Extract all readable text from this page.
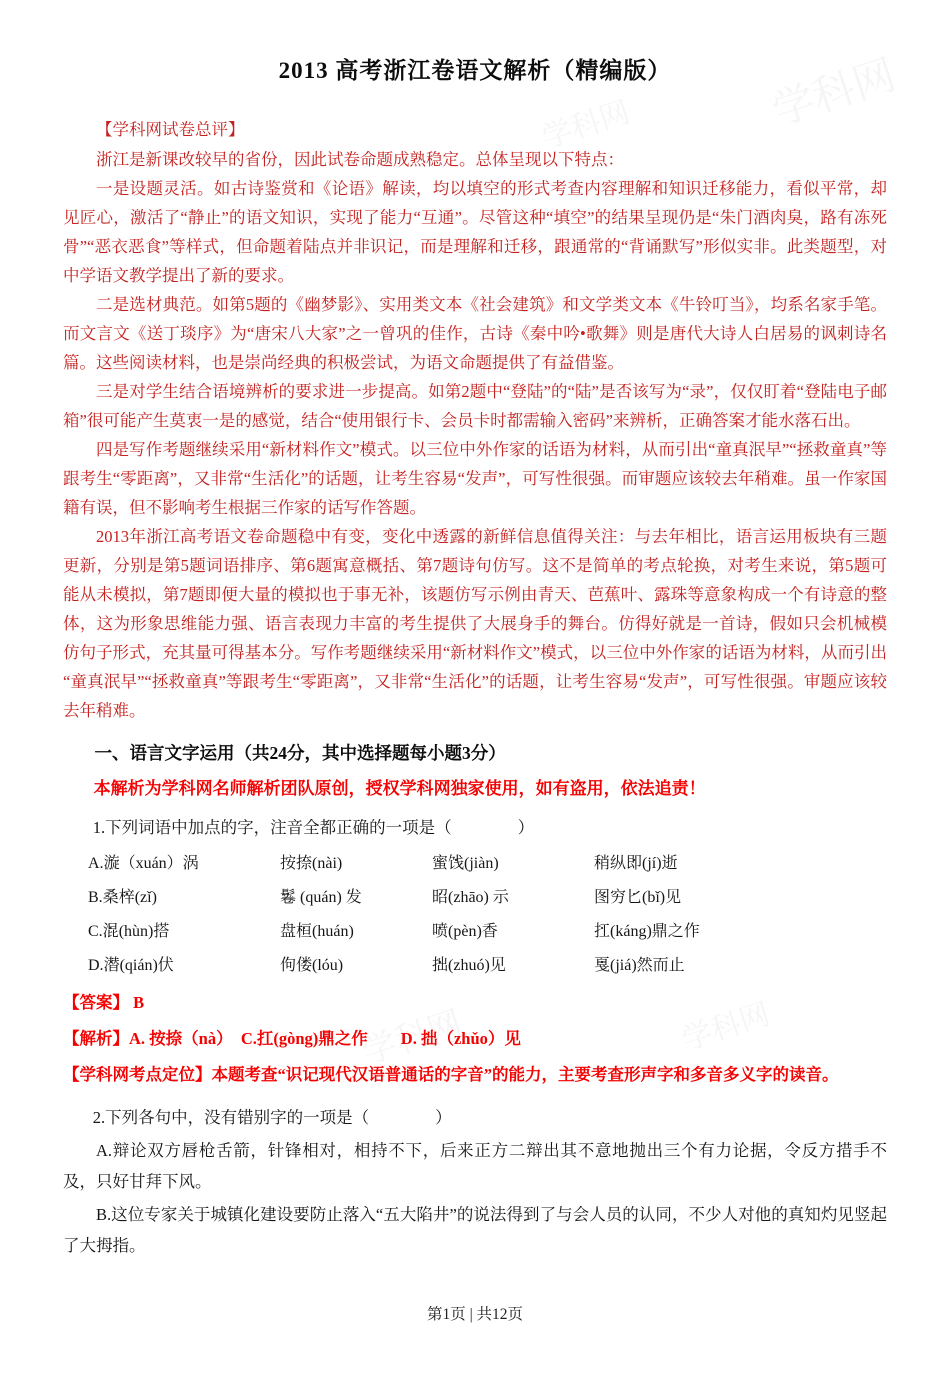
学科网
学科网
学科网	学科网
2013 高考浙江卷语文解析（精编版）

【学科网试卷总评】

浙江是新课改较早的省份，因此试卷命题成熟稳定。总体呈现以下特点：

一是设题灵活。如古诗鉴赏和《论语》解读，均以填空的形式考查内容理解和知识迁移能力，看似平常，却见匠心，激活了“静止”的语文知识，实现了能力“互通”。尽管这种“填空”的结果呈现仍是“朱门酒肉臭，路有冻死骨”“恶衣恶食”等样式，但命题着陆点并非识记，而是理解和迁移，跟通常的“背诵默写”形似实非。此类题型，对中学语文教学提出了新的要求。

二是选材典范。如第5题的《幽梦影》、实用类文本《社会建筑》和文学类文本《牛铃叮当》，均系名家手笔。而文言文《送丁琰序》为“唐宋八大家”之一曾巩的佳作，古诗《秦中吟•歌舞》则是唐代大诗人白居易的讽刺诗名篇。这些阅读材料，也是崇尚经典的积极尝试，为语文命题提供了有益借鉴。

三是对学生结合语境辨析的要求进一步提高。如第2题中“登陆”的“陆”是否该写为“录”，仅仅盯着“登陆电子邮箱”很可能产生莫衷一是的感觉，结合“使用银行卡、会员卡时都需输入密码”来辨析，正确答案才能水落石出。

四是写作考题继续采用“新材料作文”模式。以三位中外作家的话语为材料，从而引出“童真泯早”“拯救童真”等跟考生“零距离”，又非常“生活化”的话题，让考生容易“发声”，可写性很强。而审题应该较去年稍难。虽一作家国籍有误，但不影响考生根据三作家的话写作答题。

2013年浙江高考语文卷命题稳中有变，变化中透露的新鲜信息值得关注：与去年相比，语言运用板块有三题更新，分别是第5题词语排序、第6题寓意概括、第7题诗句仿写。这不是简单的考点轮换，对考生来说，第5题可能从未模拟，第7题即便大量的模拟也于事无补，该题仿写示例由青天、芭蕉叶、露珠等意象构成一个有诗意的整体，这为形象思维能力强、语言表现力丰富的考生提供了大展身手的舞台。仿得好就是一首诗，假如只会机械模仿句子形式，充其量可得基本分。写作考题继续采用“新材料作文”模式，以三位中外作家的话语为材料，从而引出“童真泯早”“拯救童真”等跟考生“零距离”，又非常“生活化”的话题，让考生容易“发声”，可写性很强。审题应该较去年稍难。

一、语言文字运用（共24分，其中选择题每小题3分）

本解析为学科网名师解析团队原创，授权学科网独家使用，如有盗用，依法追责！

1.下列词语中加点的字，注音全都正确的一项是（　　　　）

A.漩 •（xuán）涡	按捺 •(nài)	蜜饯 •(jiàn)	稍纵即 •(jí)逝
B.桑梓 •(zǐ)	鬈 • (quán) 发	昭 •(zhāo) 示	图穷匕 •(bǐ)见
C.混 •(hùn)搭	盘桓 •(huán)	喷 •(pèn)香	扛 •(káng)鼎之作
D.潜 •(qián)伏	佝偻 •(lóu)	拙 •(zhuó)见	戛 •(jiá)然而止

【答案】 B

【解析】A. 按捺（nà）　C.扛(gòng)鼎之作　　D. 拙（zhǔo）见

【学科网考点定位】本题考查“识记现代汉语普通话的字音”的能力，主要考查形声字和多音多义字的读音。

2.下列各句中，没有错别字的一项是（　　　　）

A.辩论双方唇枪舌箭，针锋相对，相持不下，后来正方二辩出其不意地抛出三个有力论据，令反方措手不及，只好甘拜下风。

B.这位专家关于城镇化建设要防止落入“五大陷井”的说法得到了与会人员的认同，不少人对他的真知灼见竖起了大拇指。

第1页 | 共12页
